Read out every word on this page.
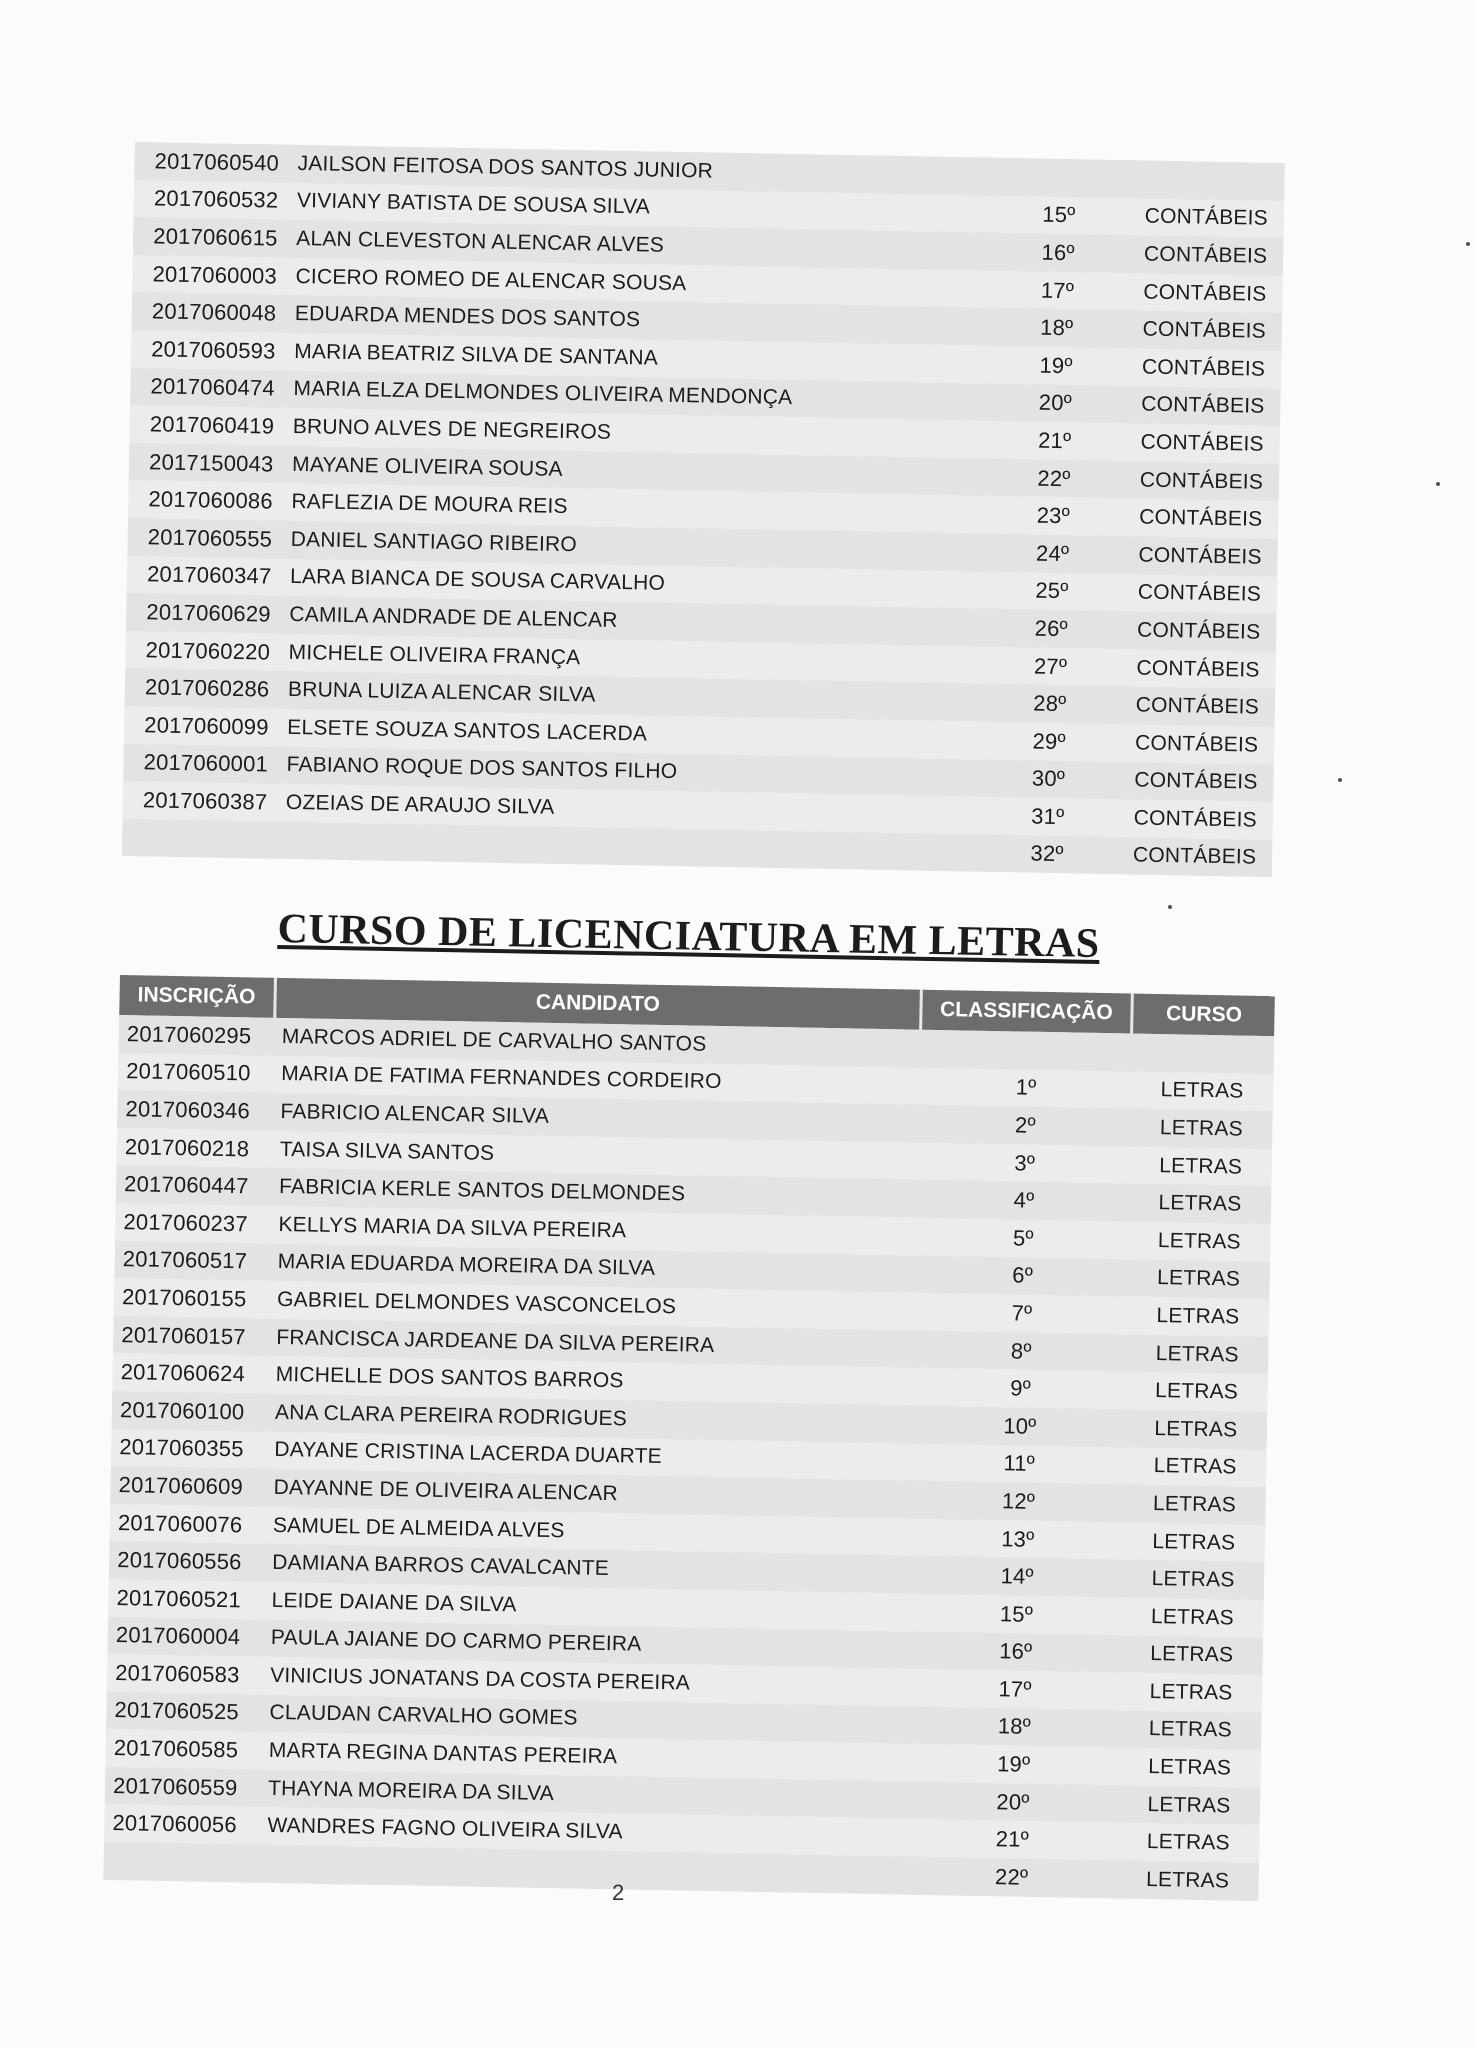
2017060540 JAILSON FEITOSA DOS SANTOS JUNIOR
2017060532 VIVIANY BATISTA DE SOUSA SILVA	15º	CONTÁBEIS
2017060615 ALAN CLEVESTON ALENCAR ALVES	16º	CONTÁBEIS
2017060003 CICERO ROMEO DE ALENCAR SOUSA	17º	CONTÁBEIS
2017060048 EDUARDA MENDES DOS SANTOS	18º	CONTÁBEIS
2017060593 MARIA BEATRIZ SILVA DE SANTANA	19º	CONTÁBEIS
2017060474 MARIA ELZA DELMONDES OLIVEIRA MENDONÇA	20º	CONTÁBEIS
2017060419 BRUNO ALVES DE NEGREIROS	21º	CONTÁBEIS
2017150043 MAYANE OLIVEIRA SOUSA	22º	CONTÁBEIS
2017060086 RAFLEZIA DE MOURA REIS	23º	CONTÁBEIS
2017060555 DANIEL SANTIAGO RIBEIRO	24º	CONTÁBEIS
2017060347 LARA BIANCA DE SOUSA CARVALHO	25º	CONTÁBEIS
2017060629 CAMILA ANDRADE DE ALENCAR	26º	CONTÁBEIS
2017060220 MICHELE OLIVEIRA FRANÇA	27º	CONTÁBEIS
2017060286 BRUNA LUIZA ALENCAR SILVA	28º	CONTÁBEIS
2017060099 ELSETE SOUZA SANTOS LACERDA	29º	CONTÁBEIS
2017060001 FABIANO ROQUE DOS SANTOS FILHO	30º	CONTÁBEIS
2017060387 OZEIAS DE ARAUJO SILVA	31º	CONTÁBEIS
32º	CONTÁBEIS
CURSO DE LICENCIATURA EM LETRAS
INSCRIÇÃO	CANDIDATO	CLASSIFICAÇÃO	CURSO
2017060295	MARCOS ADRIEL DE CARVALHO SANTOS
2017060510	MARIA DE FATIMA FERNANDES CORDEIRO	1º	LETRAS
2017060346	FABRICIO ALENCAR SILVA	2º	LETRAS
2017060218	TAISA SILVA SANTOS	3º	LETRAS
2017060447	FABRICIA KERLE SANTOS DELMONDES	4º	LETRAS
2017060237	KELLYS MARIA DA SILVA PEREIRA	5º	LETRAS
2017060517	MARIA EDUARDA MOREIRA DA SILVA	6º	LETRAS
2017060155	GABRIEL DELMONDES VASCONCELOS	7º	LETRAS
2017060157	FRANCISCA JARDEANE DA SILVA PEREIRA	8º	LETRAS
2017060624	MICHELLE DOS SANTOS BARROS	9º	LETRAS
2017060100	ANA CLARA PEREIRA RODRIGUES	10º	LETRAS
2017060355	DAYANE CRISTINA LACERDA DUARTE	11º	LETRAS
2017060609	DAYANNE DE OLIVEIRA ALENCAR	12º	LETRAS
2017060076	SAMUEL DE ALMEIDA ALVES	13º	LETRAS
2017060556	DAMIANA BARROS CAVALCANTE	14º	LETRAS
2017060521	LEIDE DAIANE DA SILVA	15º	LETRAS
2017060004	PAULA JAIANE DO CARMO PEREIRA	16º	LETRAS
2017060583	VINICIUS JONATANS DA COSTA PEREIRA	17º	LETRAS
2017060525	CLAUDAN CARVALHO GOMES	18º	LETRAS
2017060585	MARTA REGINA DANTAS PEREIRA	19º	LETRAS
2017060559	THAYNA MOREIRA DA SILVA	20º	LETRAS
2017060056	WANDRES FAGNO OLIVEIRA SILVA	21º	LETRAS
22º	LETRAS
2
